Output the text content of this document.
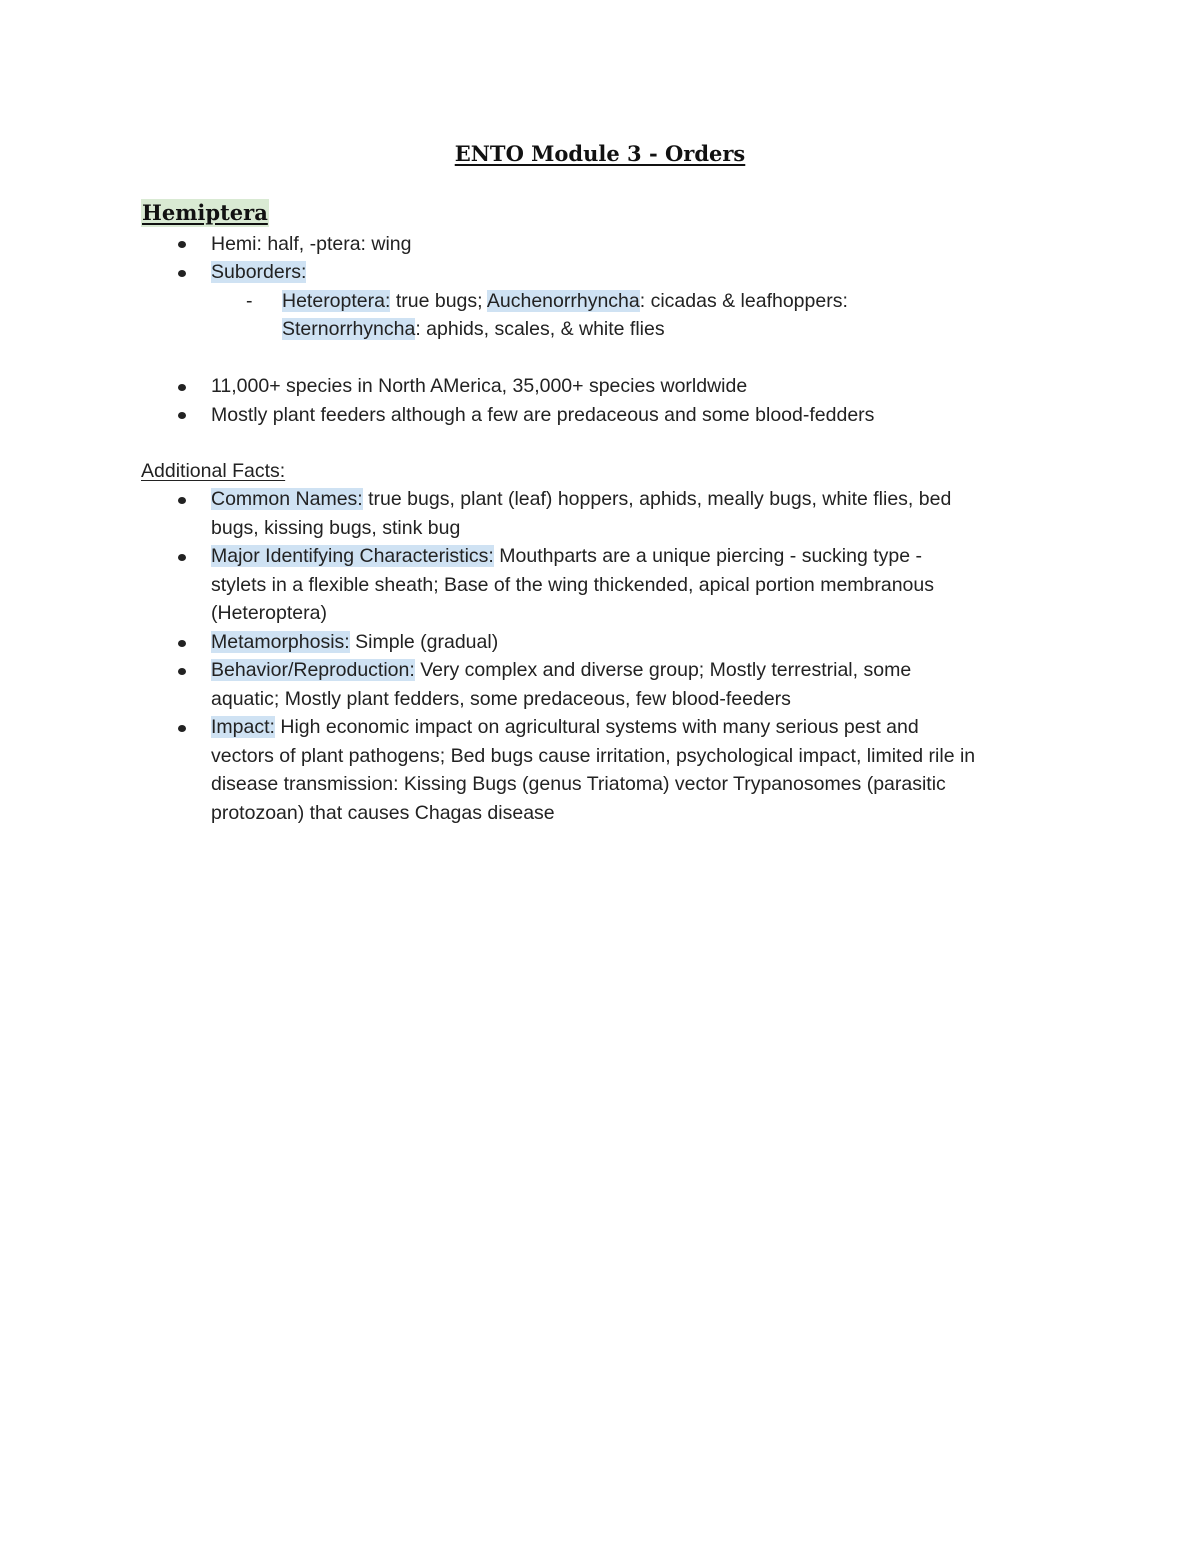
ENTO Module 3 - Orders
Hemiptera
Hemi: half, -ptera: wing
Suborders:
- Heteroptera: true bugs; Auchenorrhyncha: cicadas & leafhoppers:
Sternorrhyncha: aphids, scales, & white flies
11,000+ species in North AMerica, 35,000+ species worldwide
Mostly plant feeders although a few are predaceous and some blood-fedders
Additional Facts:
Common Names: true bugs, plant (leaf) hoppers, aphids, meally bugs, white flies, bed
bugs, kissing bugs, stink bug
Major Identifying Characteristics: Mouthparts are a unique piercing - sucking type -
stylets in a flexible sheath; Base of the wing thickended, apical portion membranous
(Heteroptera)
Metamorphosis: Simple (gradual)
Behavior/Reproduction: Very complex and diverse group; Mostly terrestrial, some
aquatic; Mostly plant fedders, some predaceous, few blood-feeders
Impact: High economic impact on agricultural systems with many serious pest and
vectors of plant pathogens; Bed bugs cause irritation, psychological impact, limited rile in
disease transmission: Kissing Bugs (genus Triatoma) vector Trypanosomes (parasitic
protozoan) that causes Chagas disease
